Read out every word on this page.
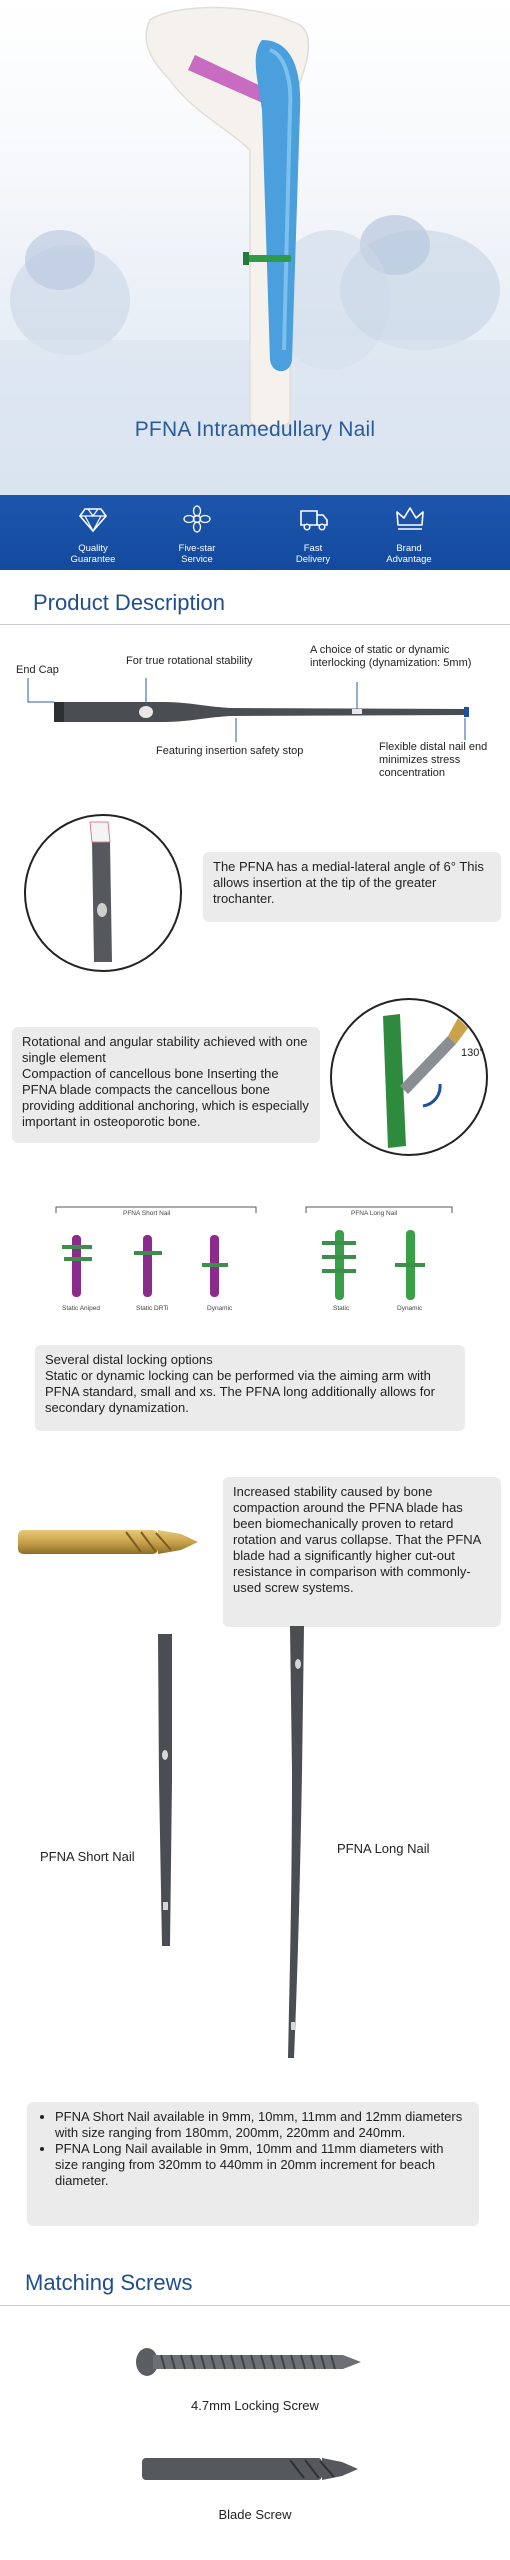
PFNA Intramedullary Nail
Quality
Guarantee
Five-star
Service
Fast
Delivery
Brand
Advantage
Product Description
End Cap
For true rotational stability
A choice of static or dynamic interlocking (dynamization: 5mm)
Featuring insertion safety stop	Flexible distal nail end minimizes stress concentration
The PFNA has a medial-lateral angle of 6° This allows insertion at the tip of the greater trochanter.
Rotational and angular stability achieved with one single element
Compaction of cancellous bone Inserting the PFNA blade compacts the cancellous bone providing additional anchoring, which is especially important in osteoporotic bone.
130°
PFNA Short Nail	PFNA Long Nail
Static Aniped	Static DRTi	Dynamic	Static	Dynamic
Several distal locking options
Static or dynamic locking can be performed via the aiming arm with PFNA standard, small and xs. The PFNA long additionally allows for secondary dynamization.
Increased stability caused by bone compaction around the PFNA blade has been biomechanically proven to retard rotation and varus collapse. That the PFNA blade had a significantly higher cut-out resistance in comparison with commonly-used screw systems.
PFNA Short Nail
PFNA Long Nail
• PFNA Short Nail available in 9mm, 10mm, 11mm and 12mm diameters with size ranging from 180mm, 200mm, 220mm and 240mm.
• PFNA Long Nail available in 9mm, 10mm and 11mm diameters with size ranging from 320mm to 440mm in 20mm increment for beach diameter.
Matching Screws
4.7mm Locking Screw
Blade Screw
